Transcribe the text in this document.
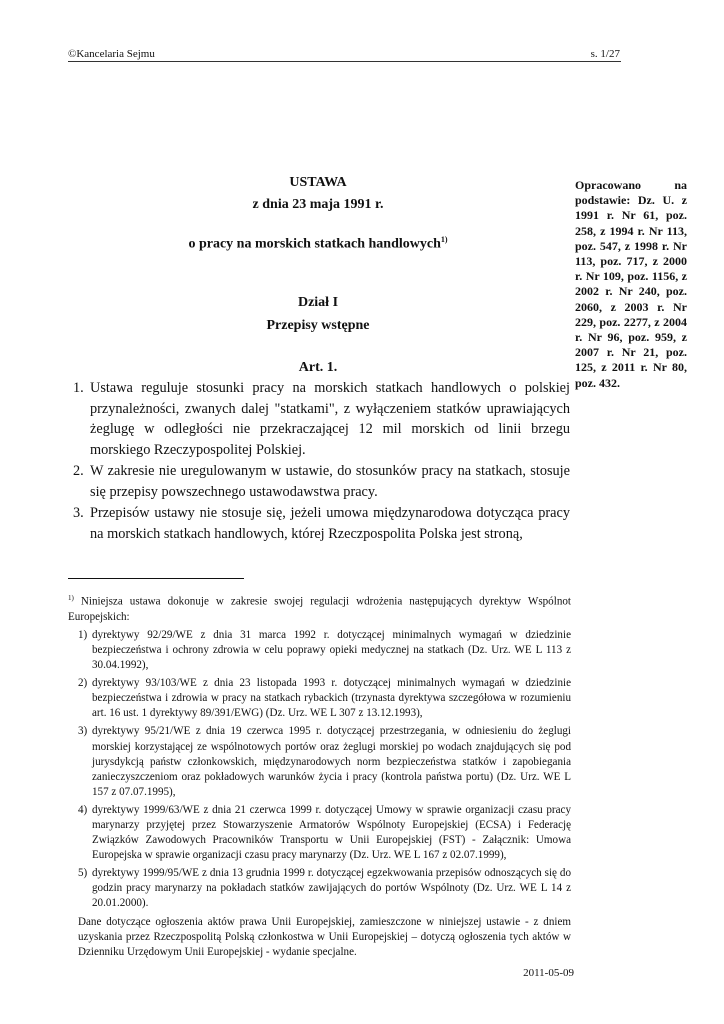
©Kancelaria Sejmu	s. 1/27
USTAWA
z dnia 23 maja 1991 r.
o pracy na morskich statkach handlowych$^{1)}$
Dział I
Przepisy wstępne
Art. 1.
Opracowano na podstawie: Dz. U. z 1991 r. Nr 61, poz. 258, z 1994 r. Nr 113, poz. 547, z 1998 r. Nr 113, poz. 717, z 2000 r. Nr 109, poz. 1156, z 2002 r. Nr 240, poz. 2060, z 2003 r. Nr 229, poz. 2277, z 2004 r. Nr 96, poz. 959, z 2007 r. Nr 21, poz. 125, z 2011 r. Nr 80, poz. 432.
1. Ustawa reguluje stosunki pracy na morskich statkach handlowych o polskiej przynależności, zwanych dalej "statkami", z wyłączeniem statków uprawiających żeglugę w odległości nie przekraczającej 12 mil morskich od linii brzegu morskiego Rzeczypospolitej Polskiej.
2. W zakresie nie uregulowanym w ustawie, do stosunków pracy na statkach, stosuje się przepisy powszechnego ustawodawstwa pracy.
3. Przepisów ustawy nie stosuje się, jeżeli umowa międzynarodowa dotycząca pracy na morskich statkach handlowych, której Rzeczpospolita Polska jest stroną,
$^{1)}$ Niniejsza ustawa dokonuje w zakresie swojej regulacji wdrożenia następujących dyrektyw Wspólnot Europejskich:
1) dyrektywy 92/29/WE z dnia 31 marca 1992 r. dotyczącej minimalnych wymagań w dziedzinie bezpieczeństwa i ochrony zdrowia w celu poprawy opieki medycznej na statkach (Dz. Urz. WE L 113 z 30.04.1992),
2) dyrektywy 93/103/WE z dnia 23 listopada 1993 r. dotyczącej minimalnych wymagań w dziedzinie bezpieczeństwa i zdrowia w pracy na statkach rybackich (trzynasta dyrektywa szczegółowa w rozumieniu art. 16 ust. 1 dyrektywy 89/391/EWG) (Dz. Urz. WE L 307 z 13.12.1993),
3) dyrektywy 95/21/WE z dnia 19 czerwca 1995 r. dotyczącej przestrzegania, w odniesieniu do żeglugi morskiej korzystającej ze wspólnotowych portów oraz żeglugi morskiej po wodach znajdujących się pod jurysdykcją państw członkowskich, międzynarodowych norm bezpieczeństwa statków i zapobiegania zanieczyszczeniom oraz pokładowych warunków życia i pracy (kontrola państwa portu) (Dz. Urz. WE L 157 z 07.07.1995),
4) dyrektywy 1999/63/WE z dnia 21 czerwca 1999 r. dotyczącej Umowy w sprawie organizacji czasu pracy marynarzy przyjętej przez Stowarzyszenie Armatorów Wspólnoty Europejskiej (ECSA) i Federację Związków Zawodowych Pracowników Transportu w Unii Europejskiej (FST) - Załącznik: Umowa Europejska w sprawie organizacji czasu pracy marynarzy (Dz. Urz. WE L 167 z 02.07.1999),
5) dyrektywy 1999/95/WE z dnia 13 grudnia 1999 r. dotyczącej egzekwowania przepisów odnoszących się do godzin pracy marynarzy na pokładach statków zawijających do portów Wspólnoty (Dz. Urz. WE L 14 z 20.01.2000).
Dane dotyczące ogłoszenia aktów prawa Unii Europejskiej, zamieszczone w niniejszej ustawie - z dniem uzyskania przez Rzeczpospolitą Polską członkostwa w Unii Europejskiej – dotyczą ogłoszenia tych aktów w Dzienniku Urzędowym Unii Europejskiej - wydanie specjalne.
2011-05-09
